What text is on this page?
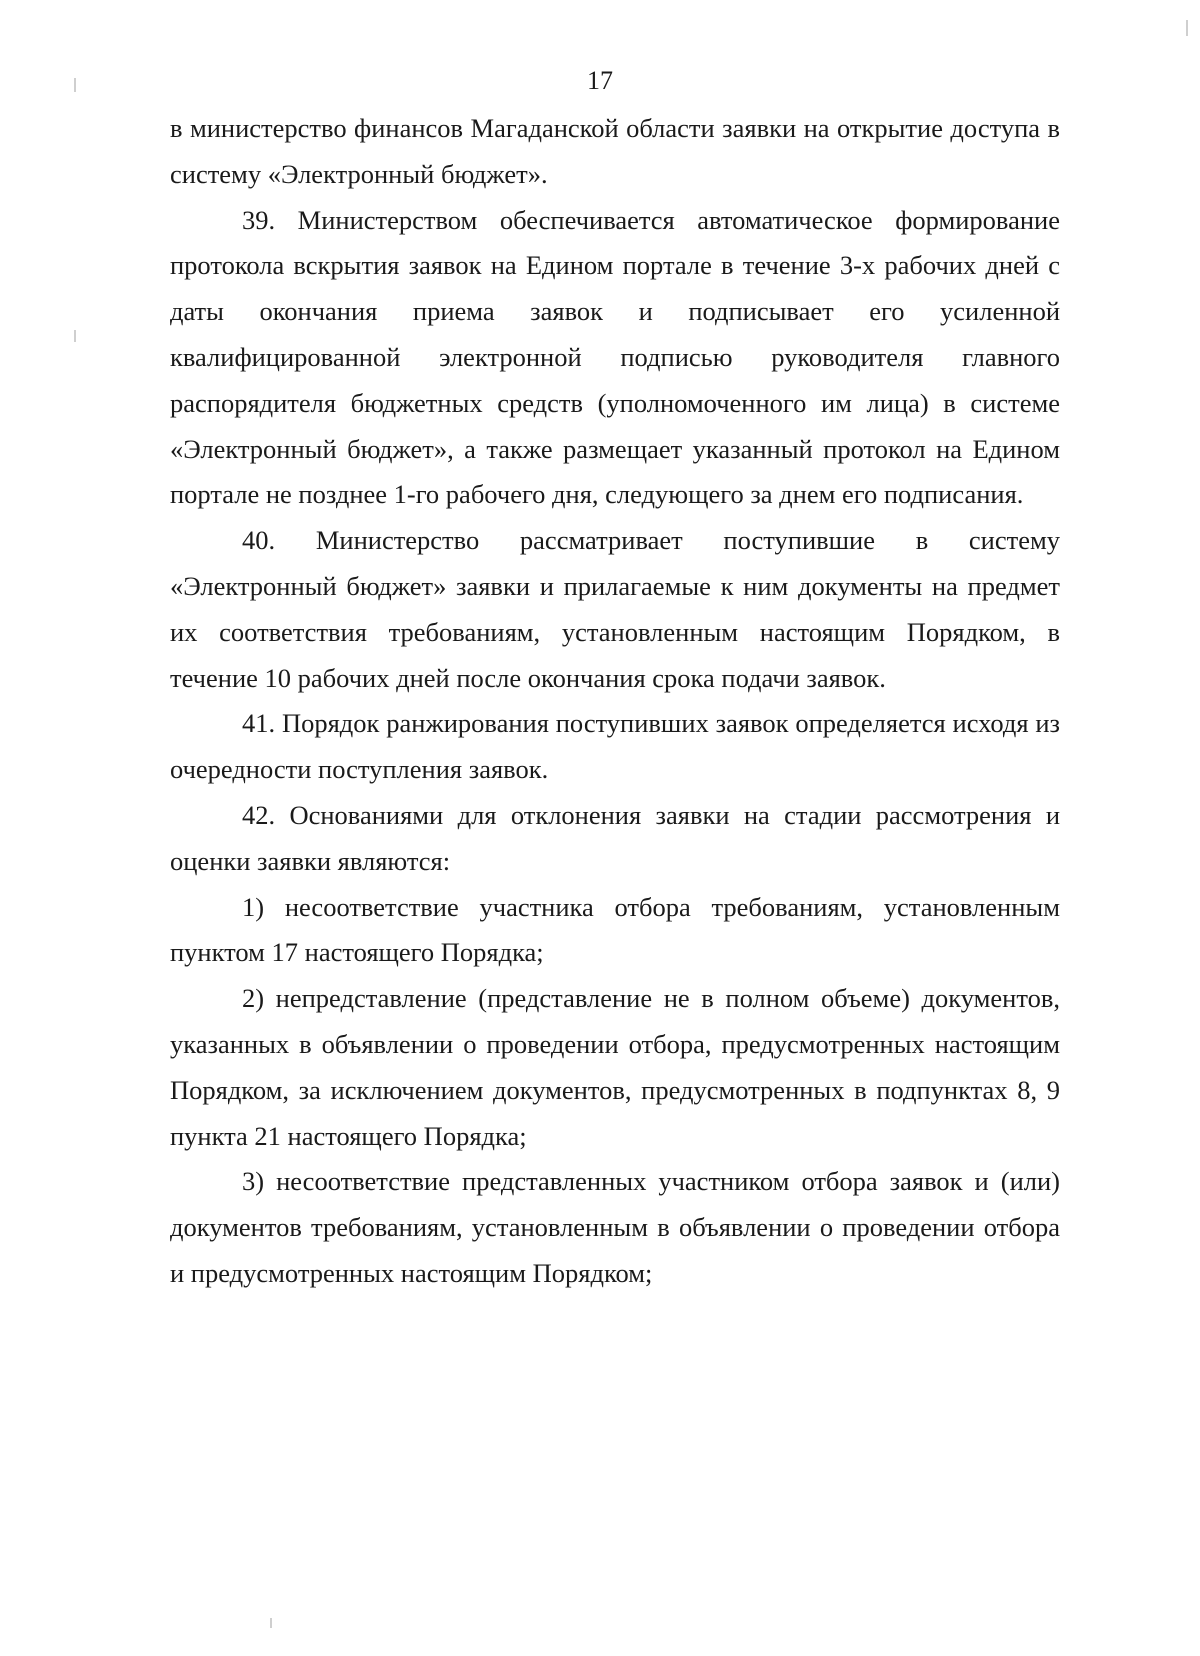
17

в министерство финансов Магаданской области заявки на открытие доступа в систему «Электронный бюджет».

39. Министерством обеспечивается автоматическое формирование протокола вскрытия заявок на Едином портале в течение 3-х рабочих дней с даты окончания приема заявок и подписывает его усиленной квалифицированной электронной подписью руководителя главного распорядителя бюджетных средств (уполномоченного им лица) в системе «Электронный бюджет», а также размещает указанный протокол на Едином портале не позднее 1-го рабочего дня, следующего за днем его подписания.

40. Министерство рассматривает поступившие в систему «Электронный бюджет» заявки и прилагаемые к ним документы на предмет их соответствия требованиям, установленным настоящим Порядком, в течение 10 рабочих дней после окончания срока подачи заявок.

41. Порядок ранжирования поступивших заявок определяется исходя из очередности поступления заявок.

42. Основаниями для отклонения заявки на стадии рассмотрения и оценки заявки являются:

1) несоответствие участника отбора требованиям, установленным пунктом 17 настоящего Порядка;

2) непредставление (представление не в полном объеме) документов, указанных в объявлении о проведении отбора, предусмотренных настоящим Порядком, за исключением документов, предусмотренных в подпунктах 8, 9 пункта 21 настоящего Порядка;

3) несоответствие представленных участником отбора заявок и (или) документов требованиям, установленным в объявлении о проведении отбора и предусмотренных настоящим Порядком;
